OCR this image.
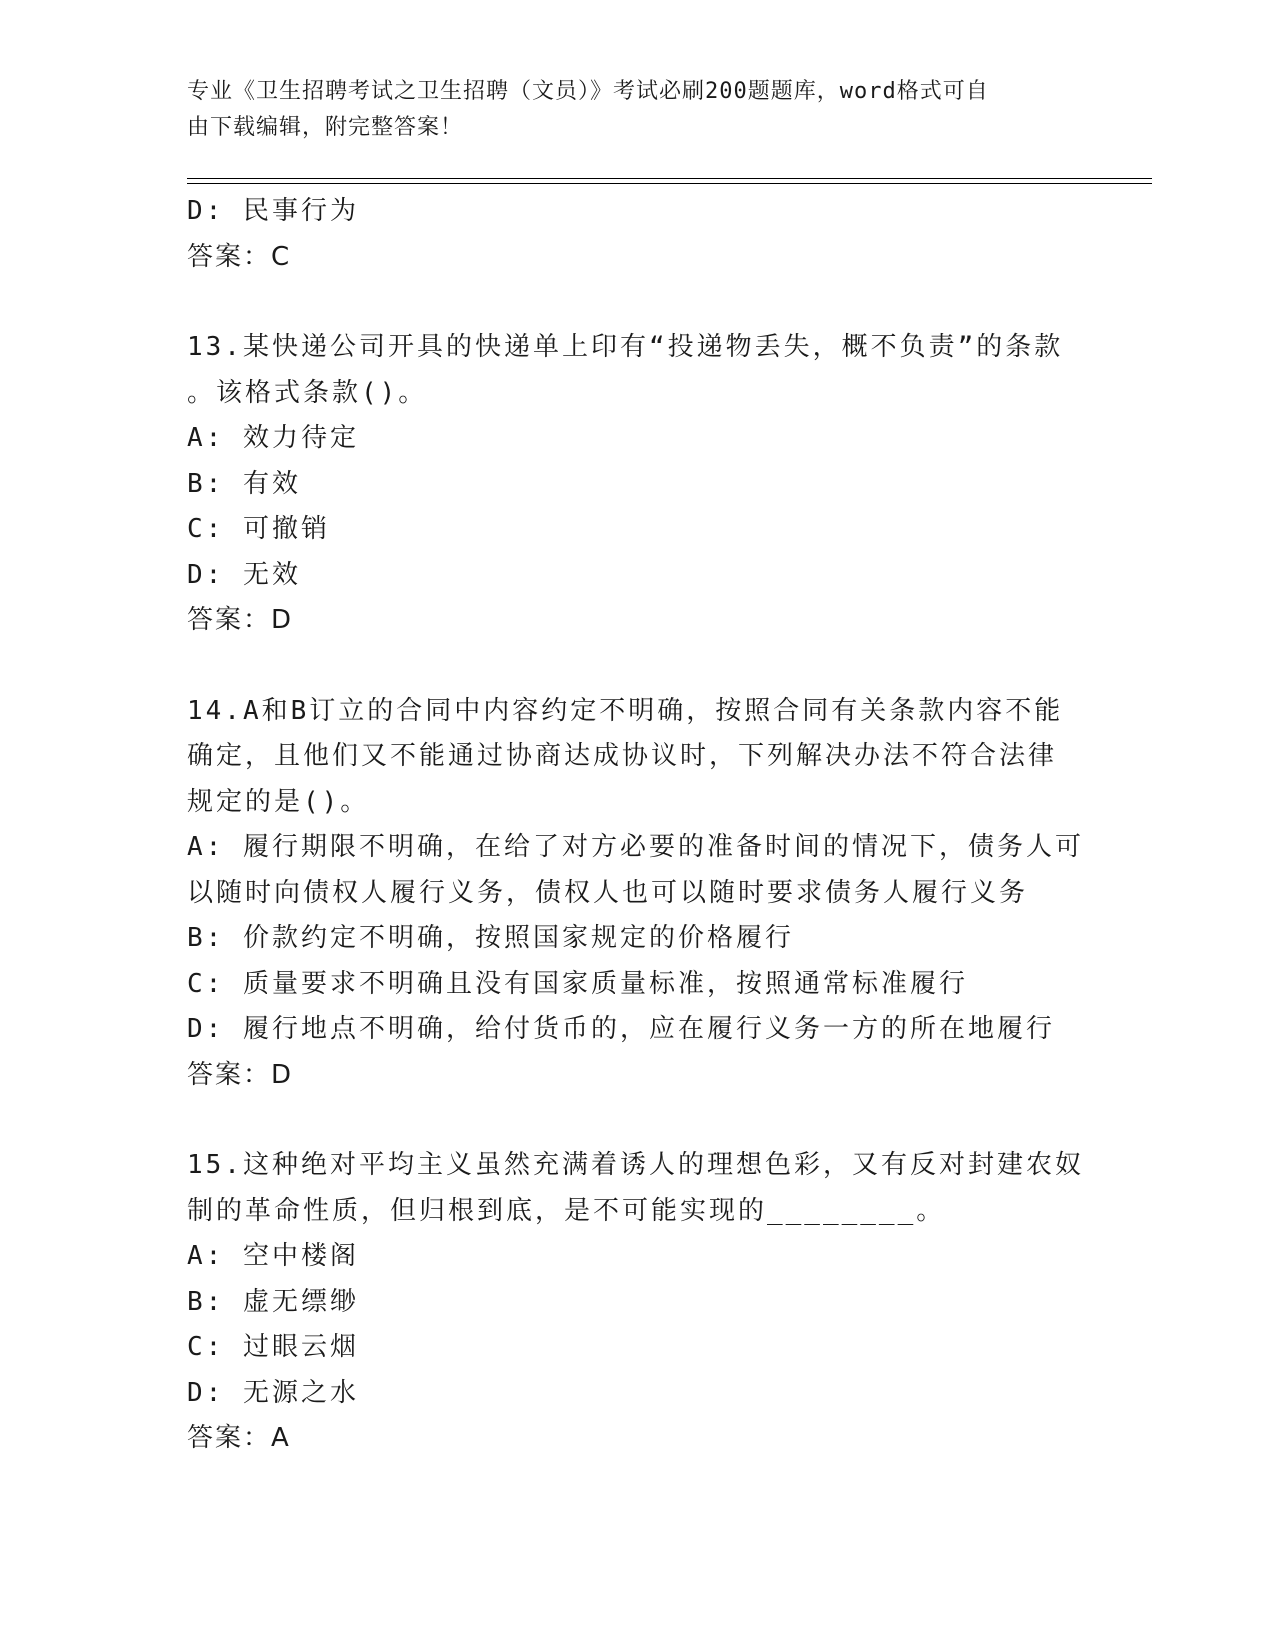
专业《卫生招聘考试之卫生招聘（文员）》考试必刷200题题库，word格式可自
由下载编辑，附完整答案！
D: 民事行为
答案：C
13.某快递公司开具的快递单上印有“投递物丢失，概不负责”的条款
。该格式条款()。
A: 效力待定
B: 有效
C: 可撤销
D: 无效
答案：D
14.A和B订立的合同中内容约定不明确，按照合同有关条款内容不能
确定，且他们又不能通过协商达成协议时，下列解决办法不符合法律
规定的是()。
A: 履行期限不明确，在给了对方必要的准备时间的情况下，债务人可
以随时向债权人履行义务，债权人也可以随时要求债务人履行义务
B: 价款约定不明确，按照国家规定的价格履行
C: 质量要求不明确且没有国家质量标准，按照通常标准履行
D: 履行地点不明确，给付货币的，应在履行义务一方的所在地履行
答案：D
15.这种绝对平均主义虽然充满着诱人的理想色彩，又有反对封建农奴
制的革命性质，但归根到底，是不可能实现的________。
A: 空中楼阁
B: 虚无缥缈
C: 过眼云烟
D: 无源之水
答案：A
